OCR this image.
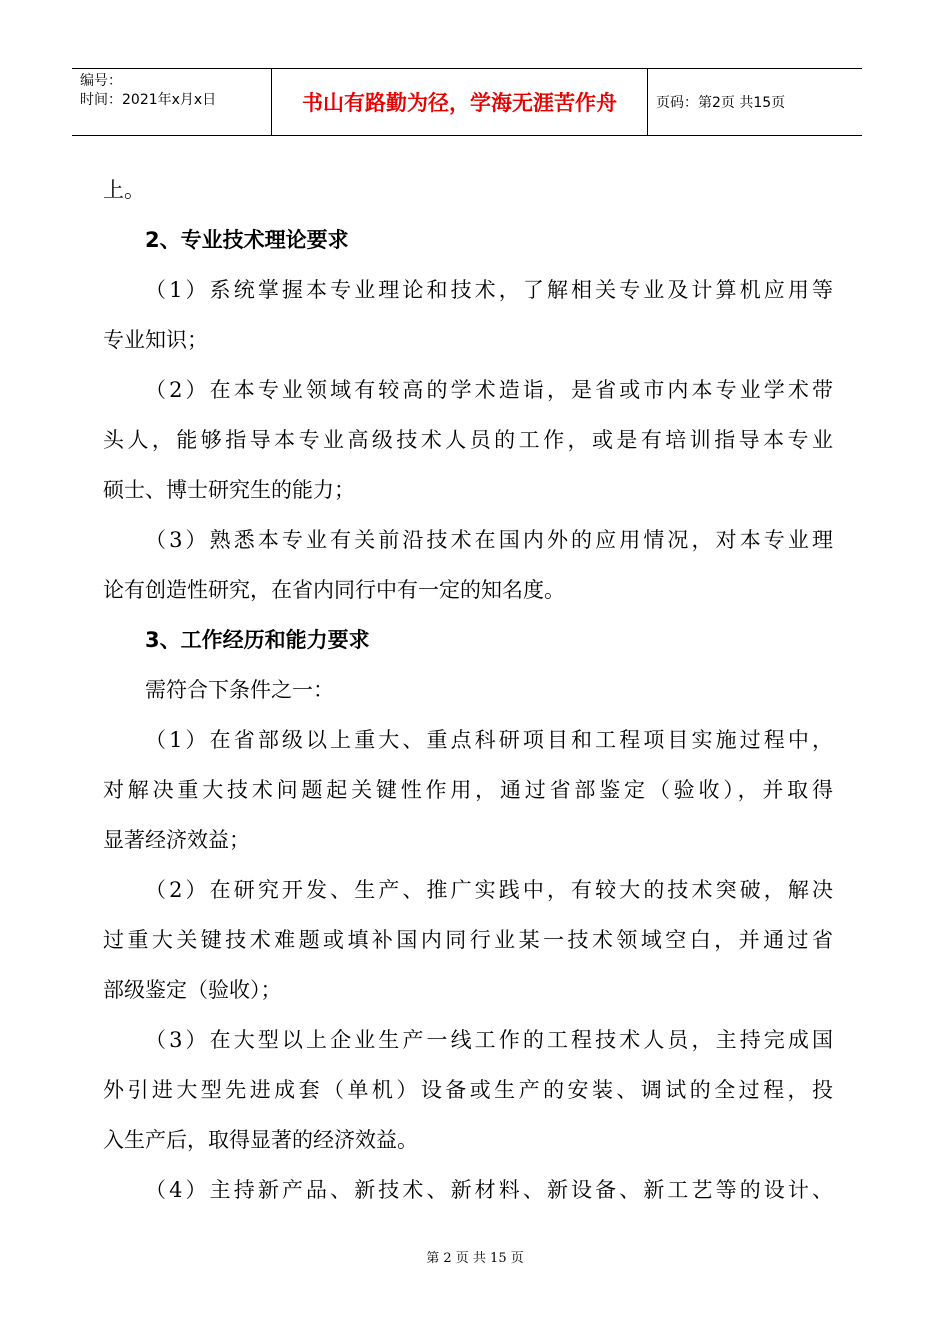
编号：
时间：2021年x月x日	书山有路勤为径，学海无涯苦作舟	页码：第2页 共15页
上。
2、专业技术理论要求
（1）系统掌握本专业理论和技术，了解相关专业及计算机应用等
专业知识；
（2）在本专业领域有较高的学术造诣，是省或市内本专业学术带
头人，能够指导本专业高级技术人员的工作，或是有培训指导本专业
硕士、博士研究生的能力；
（3）熟悉本专业有关前沿技术在国内外的应用情况，对本专业理
论有创造性研究，在省内同行中有一定的知名度。
3、工作经历和能力要求
需符合下条件之一：
（1）在省部级以上重大、重点科研项目和工程项目实施过程中，
对解决重大技术问题起关键性作用，通过省部鉴定（验收），并取得
显著经济效益；
（2）在研究开发、生产、推广实践中，有较大的技术突破，解决
过重大关键技术难题或填补国内同行业某一技术领域空白，并通过省
部级鉴定（验收）；
（3）在大型以上企业生产一线工作的工程技术人员，主持完成国
外引进大型先进成套（单机）设备或生产的安装、调试的全过程，投
入生产后，取得显著的经济效益。
（4）主持新产品、新技术、新材料、新设备、新工艺等的设计、
第 2 页 共 15 页
